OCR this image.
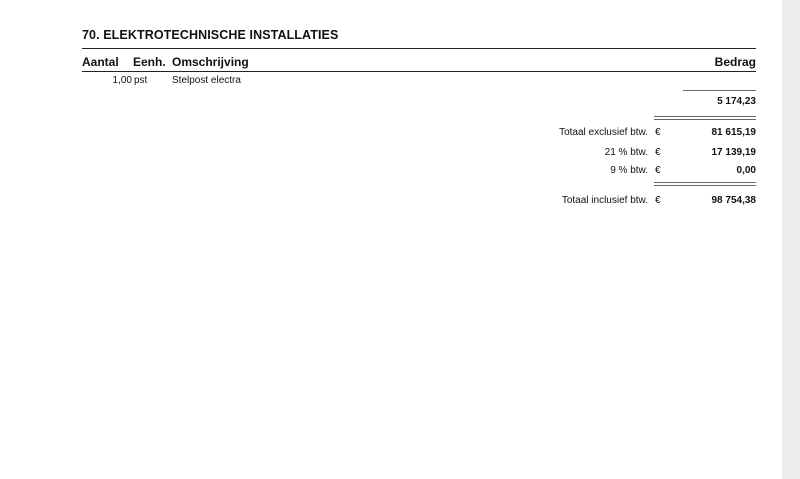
70. ELEKTROTECHNISCHE INSTALLATIES
Aantal Eenh. Omschrijving	Bedrag
1,00 pst Stelpost electra
5 174,23
Totaal exclusief btw. €	81 615,19
21 % btw. €	17 139,19
9 % btw. €	0,00
Totaal inclusief btw. €	98 754,38
